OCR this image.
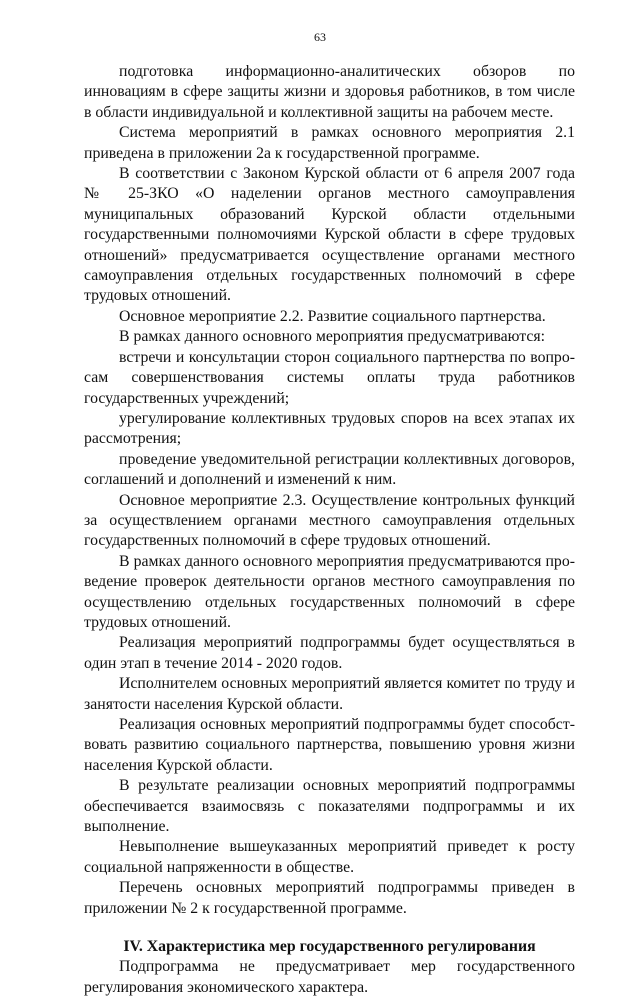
63

подготовка информационно-аналитических обзоров по инновациям в сфере защиты жизни и здоровья работников, в том числе в области индивидуальной и коллективной защиты на рабочем месте.

Система мероприятий в рамках основного мероприятия 2.1 приведена в приложении 2а к государственной программе.

В соответствии с Законом Курской области от 6 апреля 2007 года № 25-ЗКО «О наделении органов местного самоуправления муниципальных образований Курской области отдельными государственными полномочиями Курской области в сфере трудовых отношений» предусматривается осуществление органами местного самоуправления отдельных государственных полномочий в сфере трудовых отношений.

Основное мероприятие 2.2. Развитие социального партнерства.

В рамках данного основного мероприятия предусматриваются:

встречи и консультации сторон социального партнерства по вопросам совершенствования системы оплаты труда работников государственных учреждений;

урегулирование коллективных трудовых споров на всех этапах их рассмотрения;

проведение уведомительной регистрации коллективных договоров, соглашений и дополнений и изменений к ним.

Основное мероприятие 2.3. Осуществление контрольных функций за осуществлением органами местного самоуправления отдельных государственных полномочий в сфере трудовых отношений.

В рамках данного основного мероприятия предусматриваются проведение проверок деятельности органов местного самоуправления по осуществлению отдельных государственных полномочий в сфере трудовых отношений.

Реализация мероприятий подпрограммы будет осуществляться в один этап в течение 2014 - 2020 годов.

Исполнителем основных мероприятий является комитет по труду и занятости населения Курской области.

Реализация основных мероприятий подпрограммы будет способствовать развитию социального партнерства, повышению уровня жизни населения Курской области.

В результате реализации основных мероприятий подпрограммы обеспечивается взаимосвязь с показателями подпрограммы и их выполнение.

Невыполнение вышеуказанных мероприятий приведет к росту социальной напряженности в обществе.

Перечень основных мероприятий подпрограммы приведен в приложении № 2 к государственной программе.

IV. Характеристика мер государственного регулирования

Подпрограмма не предусматривает мер государственного регулирования экономического характера.
